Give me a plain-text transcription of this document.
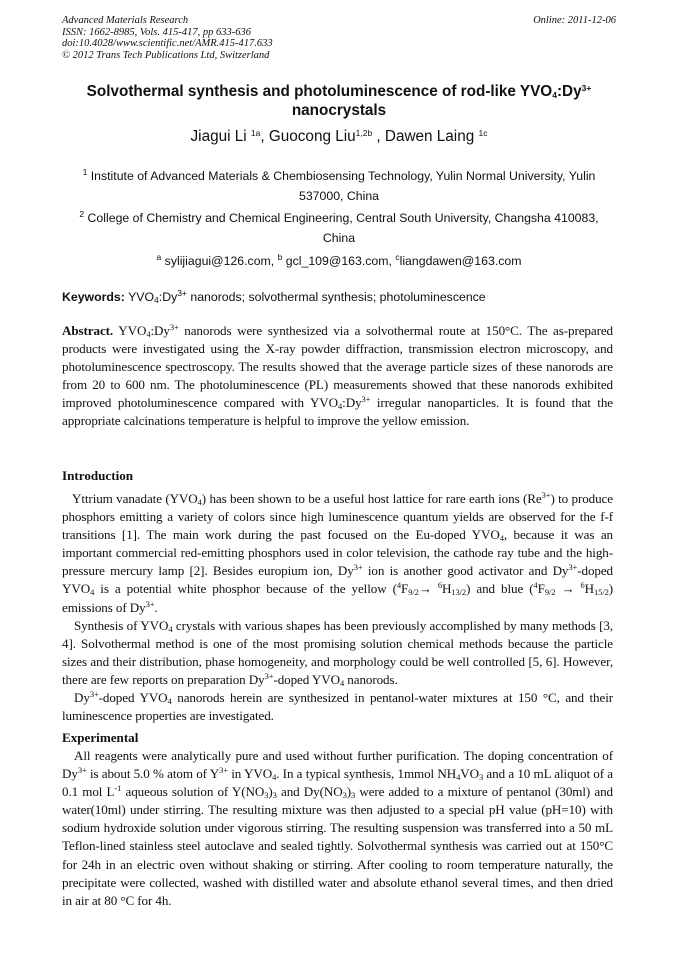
Advanced Materials Research
ISSN: 1662-8985, Vols. 415-417, pp 633-636
doi:10.4028/www.scientific.net/AMR.415-417.633
© 2012 Trans Tech Publications Ltd, Switzerland
Online: 2011-12-06
Solvothermal synthesis and photoluminescence of rod-like $YVO_4:Dy^{3+}$
nanocrystals
Jiagui Li $^{1a}$, Guocong Liu$^{1,2b}$ , Dawen Laing $^{1c}$
$^1$ Institute of Advanced Materials & Chembiosensing Technology, Yulin Normal University, Yulin 537000, China
$^2$ College of Chemistry and Chemical Engineering, Central South University, Changsha 410083, China
$^a$ sylijiagui@126.com, $^b$ gcl_109@163.com, $^c$liangdawen@163.com
Keywords: $YVO_4:Dy^{3+}$ nanorods; solvothermal synthesis; photoluminescence

Abstract. $YVO_4:Dy^{3+}$ nanorods were synthesized via a solvothermal route at 150°C. The as-prepared products were investigated using the X-ray powder diffraction, transmission electron microscopy, and photoluminescence spectroscopy. The results showed that the average particle sizes of these nanorods are from 20 to 600 nm. The photoluminescence (PL) measurements showed that these nanorods exhibited improved photoluminescence compared with $YVO_4:Dy^{3+}$ irregular nanoparticles. It is found that the appropriate calcinations temperature is helpful to improve the yellow emission.

Introduction

Yttrium vanadate $(YVO_4)$ has been shown to be a useful host lattice for rare earth ions $(Re^{3+})$ to produce phosphors emitting a variety of colors since high luminescence quantum yields are observed for the f-f transitions [1]. The main work during the past focused on the Eu-doped $YVO_4$, because it was an important commercial red-emitting phosphors used in color television, the cathode ray tube and the high-pressure mercury lamp [2]. Besides europium ion, $Dy^{3+}$ ion is another good activator and $Dy^{3+}$-doped $YVO_4$ is a potential white phosphor because of the yellow $(^4F_{9/2}\to ^6H_{13/2})$ and blue $(^4F_{9/2} \to ^6H_{15/2})$ emissions of $Dy^{3+}$.

Synthesis of $YVO_4$ crystals with various shapes has been previously accomplished by many methods [3, 4]. Solvothermal method is one of the most promising solution chemical methods because the particle sizes and their distribution, phase homogeneity, and morphology could be well controlled [5, 6]. However, there are few reports on preparation $Dy^{3+}$-doped $YVO_4$ nanorods.

$Dy^{3+}$-doped $YVO_4$ nanorods herein are synthesized in pentanol-water mixtures at 150 °C, and their luminescence properties are investigated.

Experimental

All reagents were analytically pure and used without further purification. The doping concentration of $Dy^{3+}$ is about 5.0 % atom of $Y^{3+}$ in $YVO_4$. In a typical synthesis, 1mmol $NH_4VO_3$ and a 10 mL aliquot of a 0.1 mol $L^{-1}$ aqueous solution of $Y(NO_3)_3$ and $Dy(NO_3)_3$ were added to a mixture of pentanol (30ml) and water(10ml) under stirring. The resulting mixture was then adjusted to a special pH value (pH=10) with sodium hydroxide solution under vigorous stirring. The resulting suspension was transferred into a 50 mL Teflon-lined stainless steel autoclave and sealed tightly. Solvothermal synthesis was carried out at 150°C for 24h in an electric oven without shaking or stirring. After cooling to room temperature naturally, the precipitate were collected, washed with distilled water and absolute ethanol several times, and then dried in air at 80 °C for 4h.
